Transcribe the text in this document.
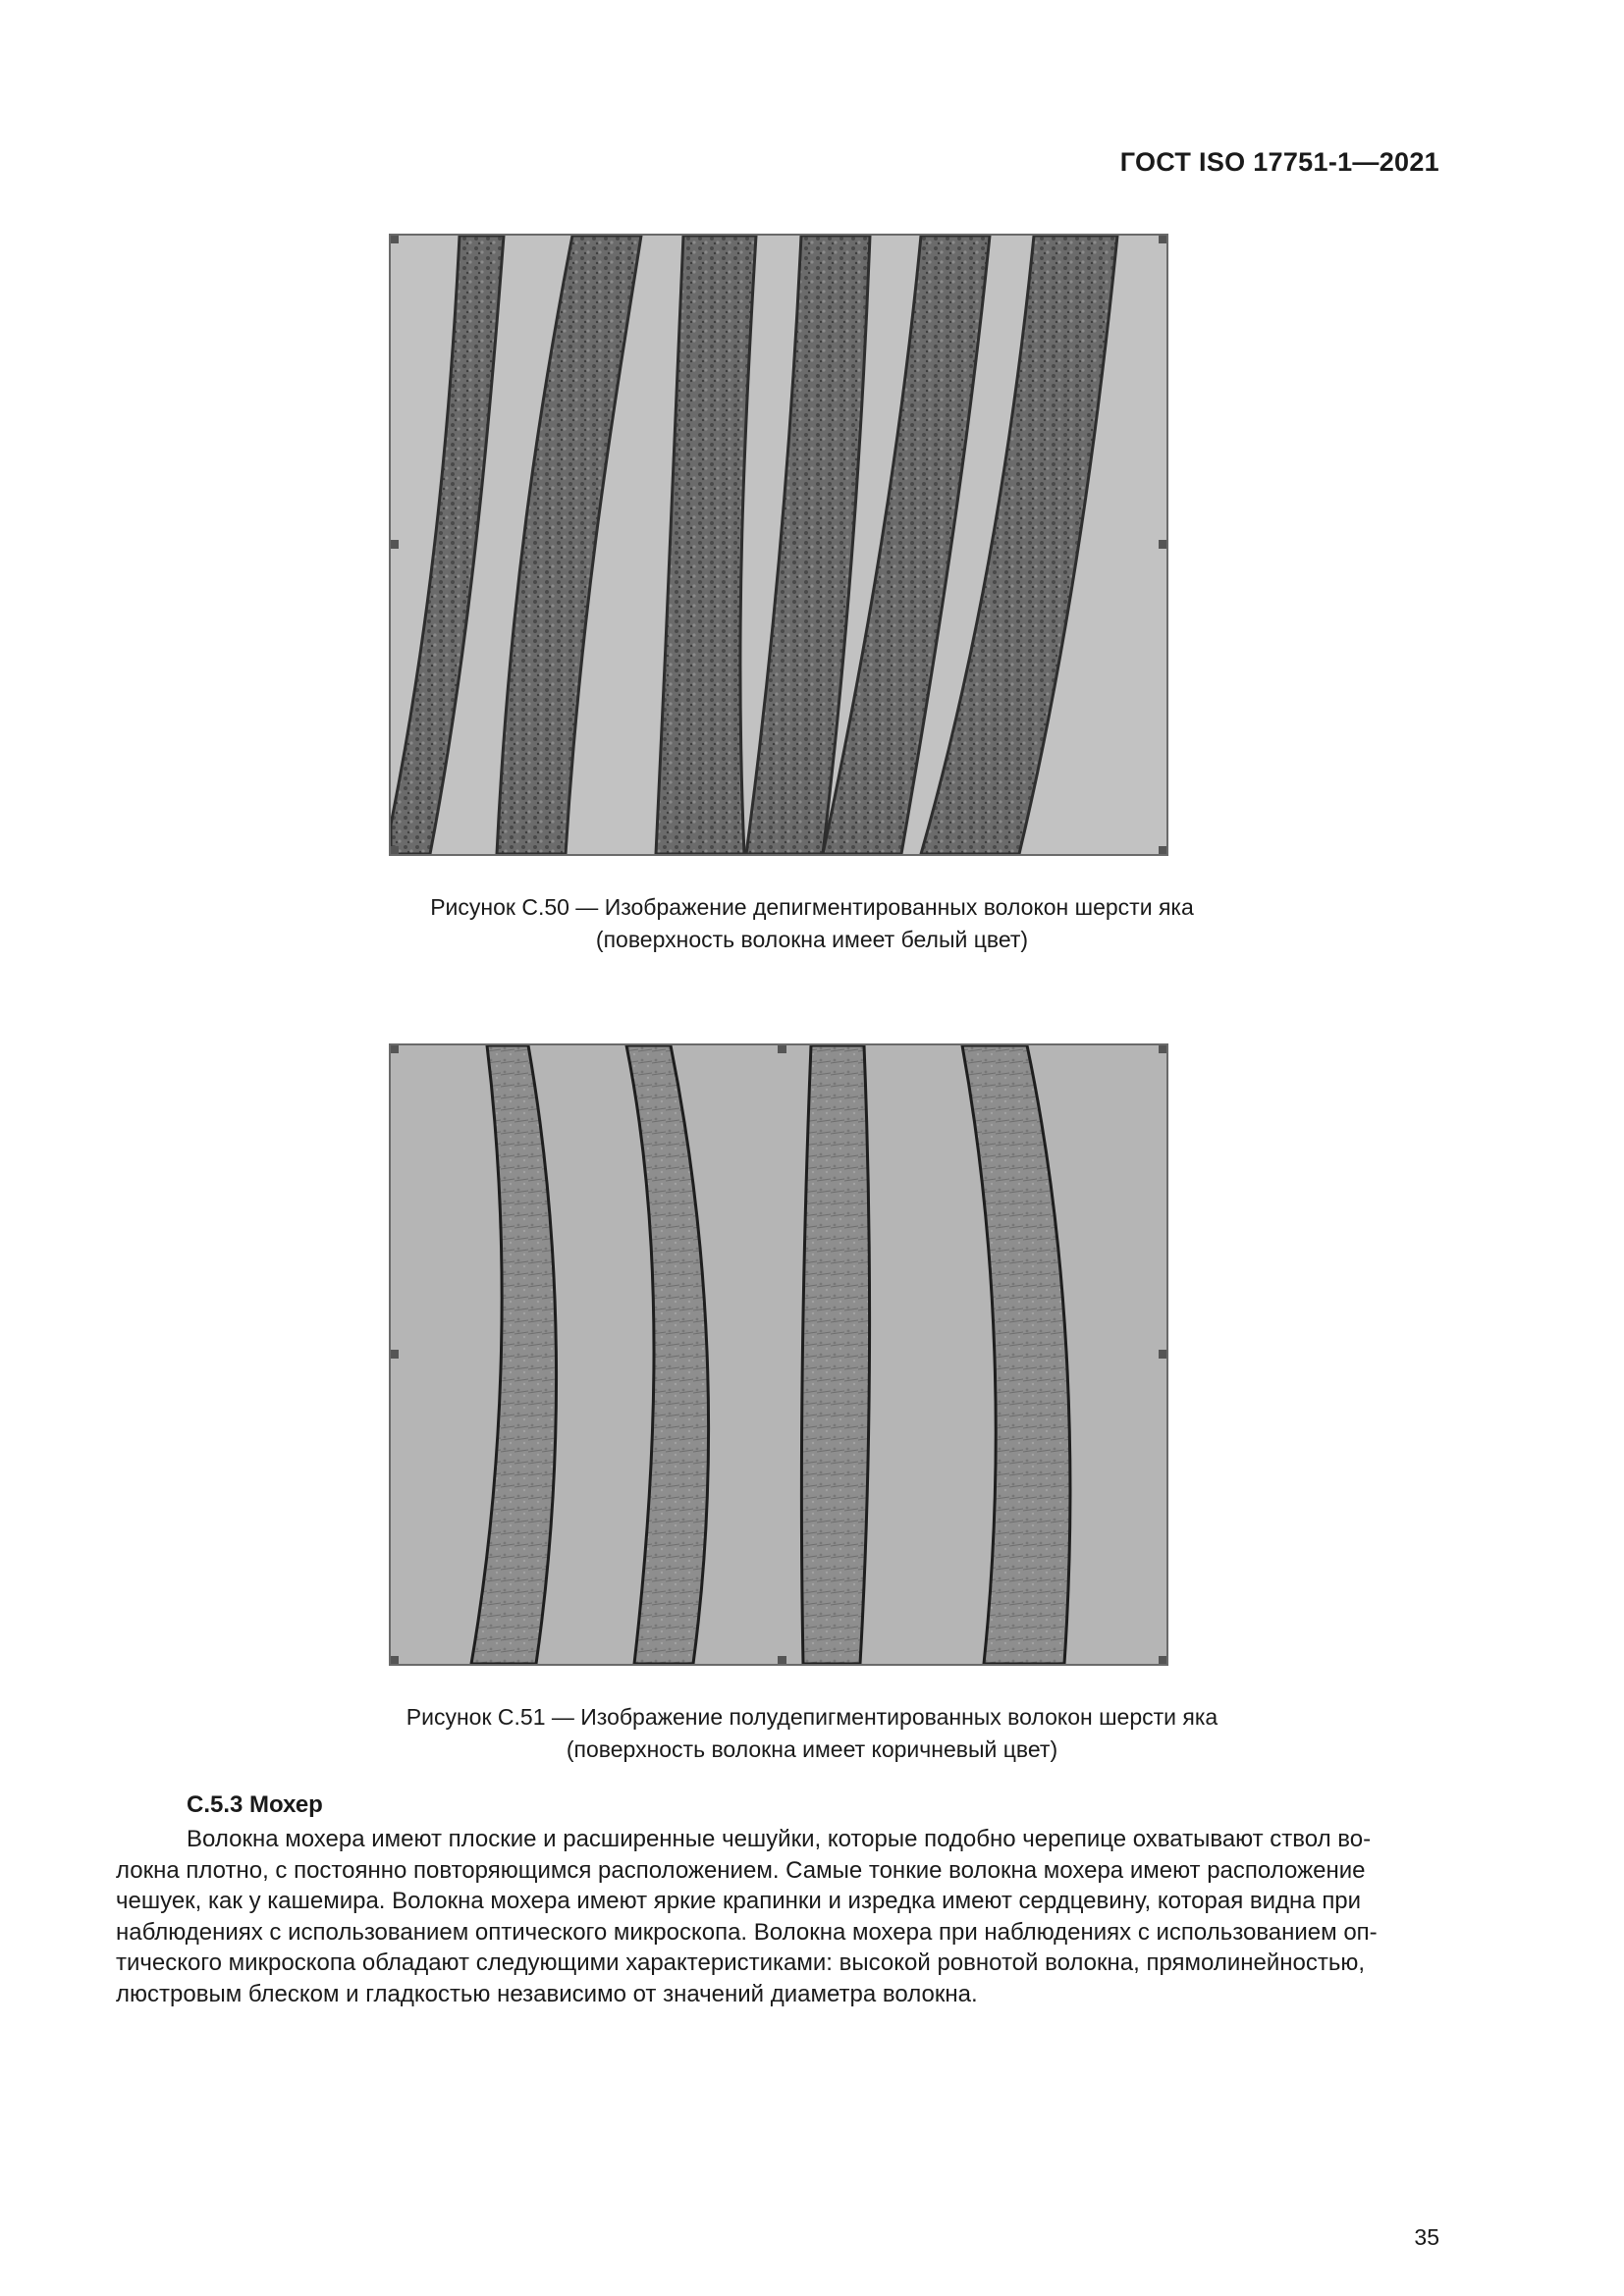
ГОСТ ISO 17751-1—2021
Рисунок С.50 — Изображение депигментированных волокон шерсти яка
(поверхность волокна имеет белый цвет)
Рисунок С.51 — Изображение полудепигментированных волокон шерсти яка
(поверхность волокна имеет коричневый цвет)
С.5.3 Мохер
Волокна мохера имеют плоские и расширенные чешуйки, которые подобно черепице охватывают ствол во-
локна плотно, с постоянно повторяющимся расположением. Самые тонкие волокна мохера имеют расположение
чешуек, как у кашемира. Волокна мохера имеют яркие крапинки и изредка имеют сердцевину, которая видна при
наблюдениях с использованием оптического микроскопа. Волокна мохера при наблюдениях с использованием оп-
тического микроскопа обладают следующими характеристиками: высокой ровнотой волокна, прямолинейностью,
люстровым блеском и гладкостью независимо от значений диаметра волокна.
35
